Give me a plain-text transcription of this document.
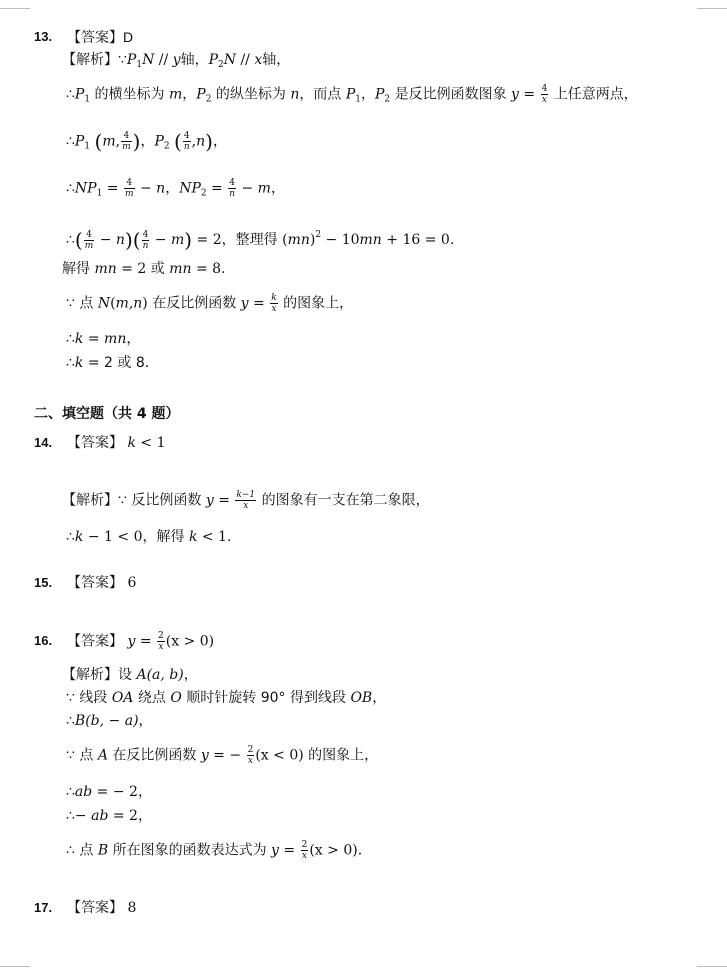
13. 【答案】D
【解析】$\because P_1N$ // y轴，$P_2N$ // x轴，
$\therefore P_1$ 的横坐标为 m，$P_2$ 的纵坐标为 n，而点 $P_1$，$P_2$ 是反比例函数图象 $y = \frac{4}{x}$ 上任意两点，
$\therefore P_1$ (m, $\frac{4}{m}$ )，$P_2$ ( $\frac{4}{n} ,n$)，
$\therefore NP_1 = \frac{4}{m} - n$，$NP_2 = \frac{4}{n} - m$，
∴( $\frac{4}{m} - n)( \frac{4}{n} - m) = 2$，整理得 (mn)$^2$ − 10mn + 16 = 0.
解得 mn = 2 或 mn = 8.
∵ 点 N(m,n) 在反比例函数 $y = \frac{k}{x}$ 的图象上，
∴k = mn，
∴k = 2 或 8.
二、填空题（共 4 题）
14. 【答案】 k < 1
【解析】∵ 反比例函数 $y = \frac{k-1}{x}$ 的图象有一支在第二象限，
∴k − 1 < 0，解得 k < 1.
15. 【答案】 6
16. 【答案】 $y = \frac{2}{x} (x > 0)$
【解析】设 A(a, b)，
∵ 线段 OA 绕点 O 顺时针旋转 90° 得到线段 OB，
∴B(b, − a)，
∵ 点 A 在反比例函数 y = − $\frac{2}{x} (x < 0)$ 的图象上，
∴ab = − 2，
∴− ab = 2，
∴ 点 B 所在图象的函数表达式为 $y = \frac{2}{x} (x > 0)$.
17. 【答案】 8
